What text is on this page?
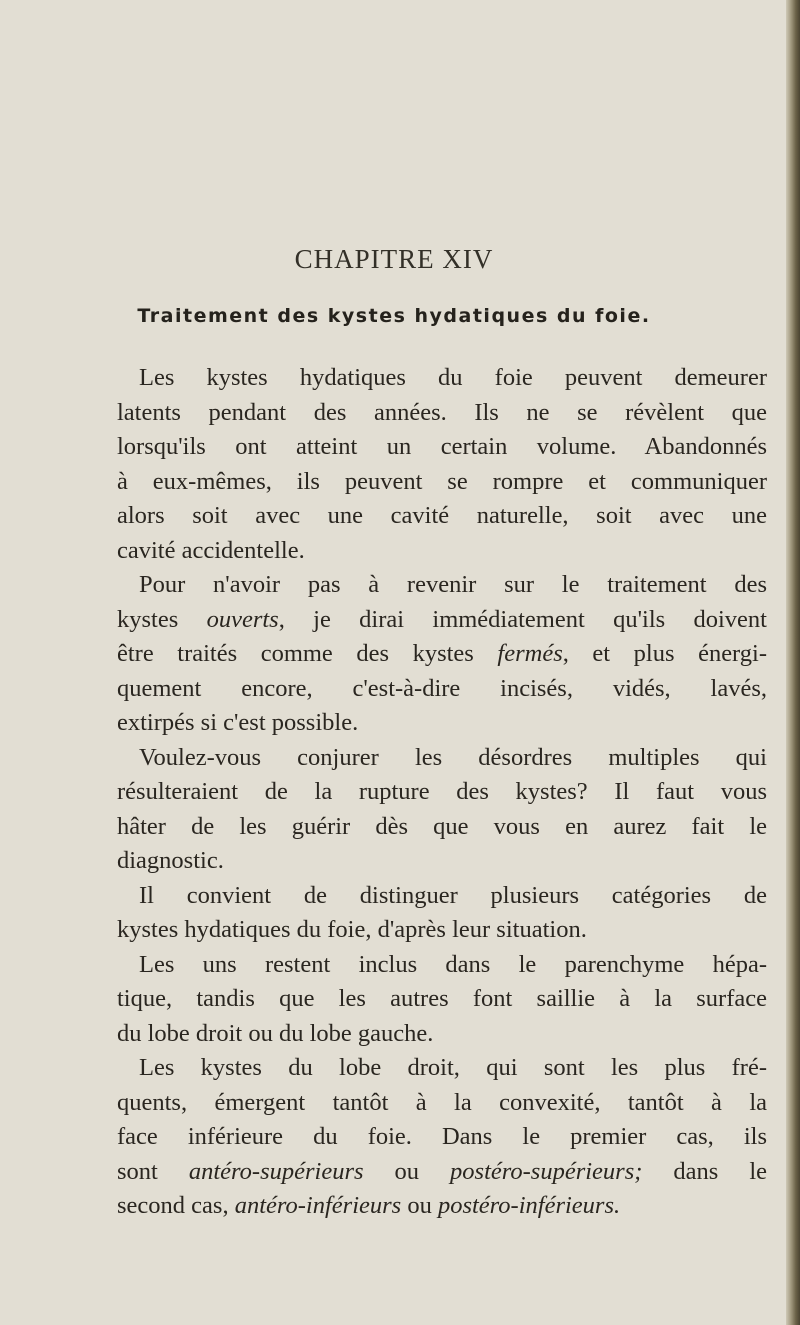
CHAPITRE XIV
Traitement des kystes hydatiques du foie.
Les kystes hydatiques du foie peuvent demeurer
latents pendant des années. Ils ne se révèlent que
lorsqu'ils ont atteint un certain volume. Abandonnés
à eux-mêmes, ils peuvent se rompre et communiquer
alors soit avec une cavité naturelle, soit avec une
cavité accidentelle.
Pour n'avoir pas à revenir sur le traitement des
kystes ouverts, je dirai immédiatement qu'ils doivent
être traités comme des kystes fermés, et plus énergi-
quement encore, c'est-à-dire incisés, vidés, lavés,
extirpés si c'est possible.
Voulez-vous conjurer les désordres multiples qui
résulteraient de la rupture des kystes? Il faut vous
hâter de les guérir dès que vous en aurez fait le
diagnostic.
Il convient de distinguer plusieurs catégories de
kystes hydatiques du foie, d'après leur situation.
Les uns restent inclus dans le parenchyme hépa-
tique, tandis que les autres font saillie à la surface
du lobe droit ou du lobe gauche.
Les kystes du lobe droit, qui sont les plus fré-
quents, émergent tantôt à la convexité, tantôt à la
face inférieure du foie. Dans le premier cas, ils
sont antéro-supérieurs ou postéro-supérieurs; dans le
second cas, antéro-inférieurs ou postéro-inférieurs.
